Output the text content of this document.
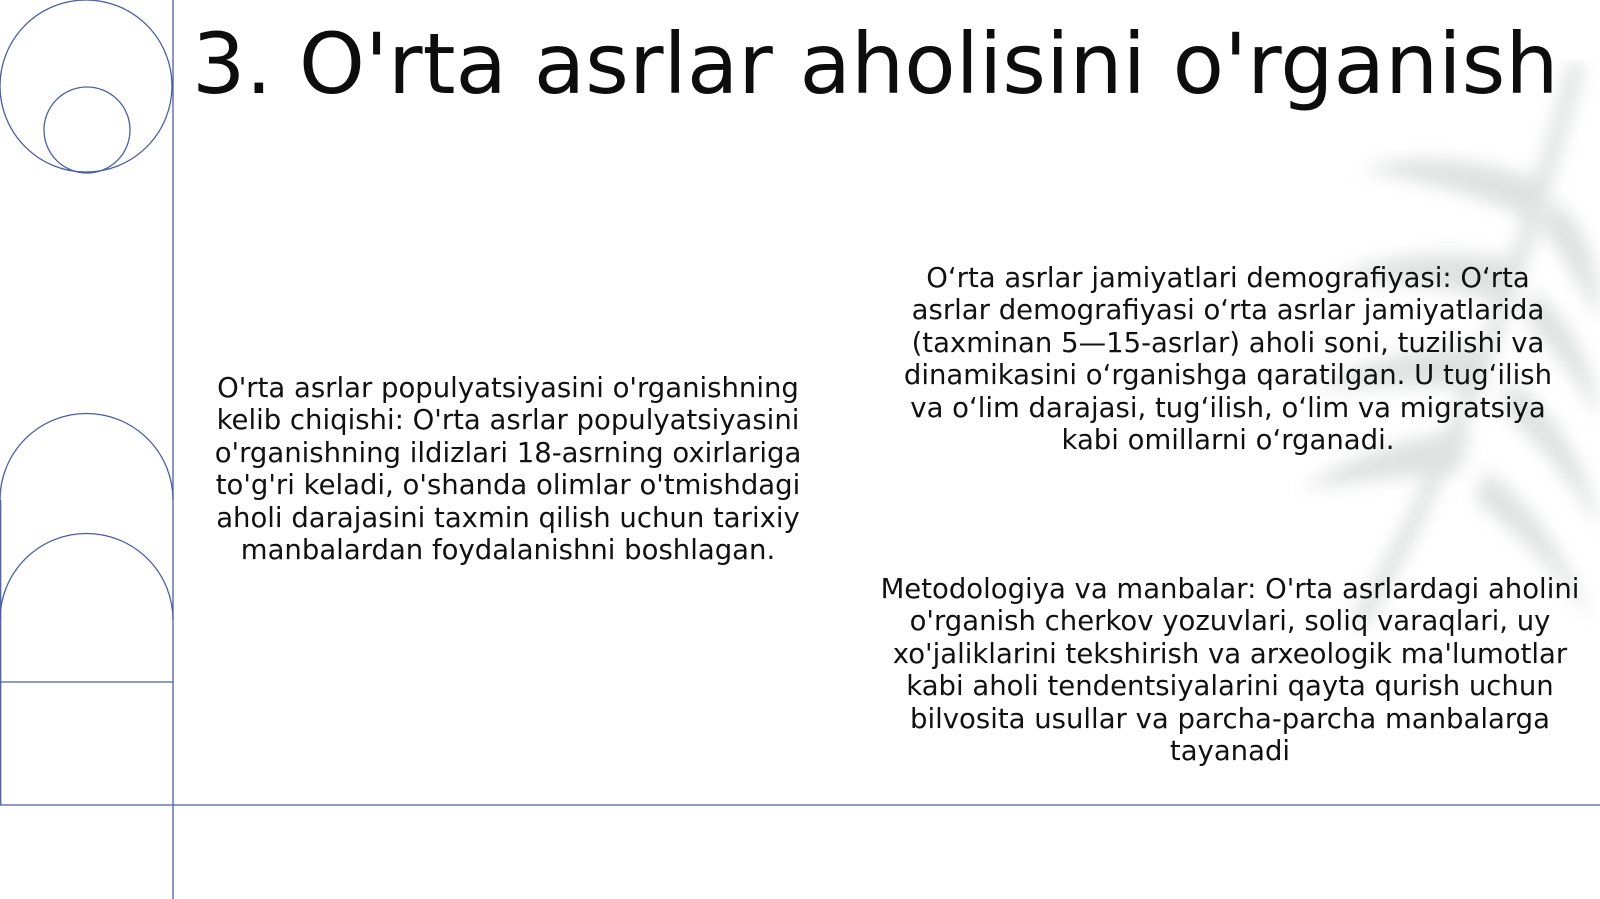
3. O'rta asrlar aholisini o'rganish

O'rta asrlar populyatsiyasini o'rganishning kelib chiqishi: O'rta asrlar populyatsiyasini o'rganishning ildizlari 18-asrning oxirlariga to'g'ri keladi, o'shanda olimlar o'tmishdagi aholi darajasini taxmin qilish uchun tarixiy manbalardan foydalanishni boshlagan.

O‘rta asrlar jamiyatlari demografiyasi: O‘rta asrlar demografiyasi o‘rta asrlar jamiyatlarida (taxminan 5—15-asrlar) aholi soni, tuzilishi va dinamikasini o‘rganishga qaratilgan. U tug‘ilish va o‘lim darajasi, tug‘ilish, o‘lim va migratsiya kabi omillarni o‘rganadi.

Metodologiya va manbalar: O'rta asrlardagi aholini o'rganish cherkov yozuvlari, soliq varaqlari, uy xo'jaliklarini tekshirish va arxeologik ma'lumotlar kabi aholi tendentsiyalarini qayta qurish uchun bilvosita usullar va parcha-parcha manbalarga tayanadi
